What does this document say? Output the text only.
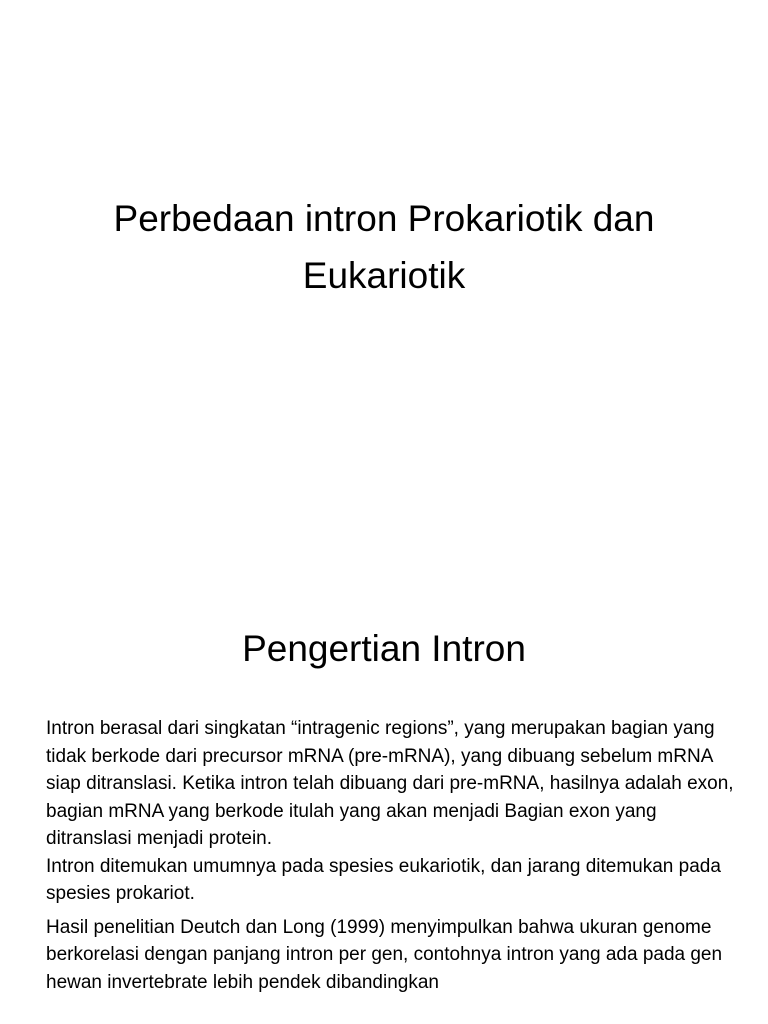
Perbedaan intron Prokariotik dan Eukariotik
Pengertian Intron

Intron berasal dari singkatan “intragenic regions”, yang merupakan bagian yang tidak berkode dari precursor mRNA (pre-mRNA), yang dibuang sebelum mRNA siap ditranslasi. Ketika intron telah dibuang dari pre-mRNA, hasilnya adalah exon, bagian mRNA yang berkode itulah yang akan menjadi Bagian exon yang ditranslasi menjadi protein.

Intron ditemukan umumnya pada spesies eukariotik, dan jarang ditemukan pada spesies prokariot.

Hasil penelitian Deutch dan Long (1999) menyimpulkan bahwa ukuran genome berkorelasi dengan panjang intron per gen, contohnya intron yang ada pada gen hewan invertebrate lebih pendek dibandingkan
